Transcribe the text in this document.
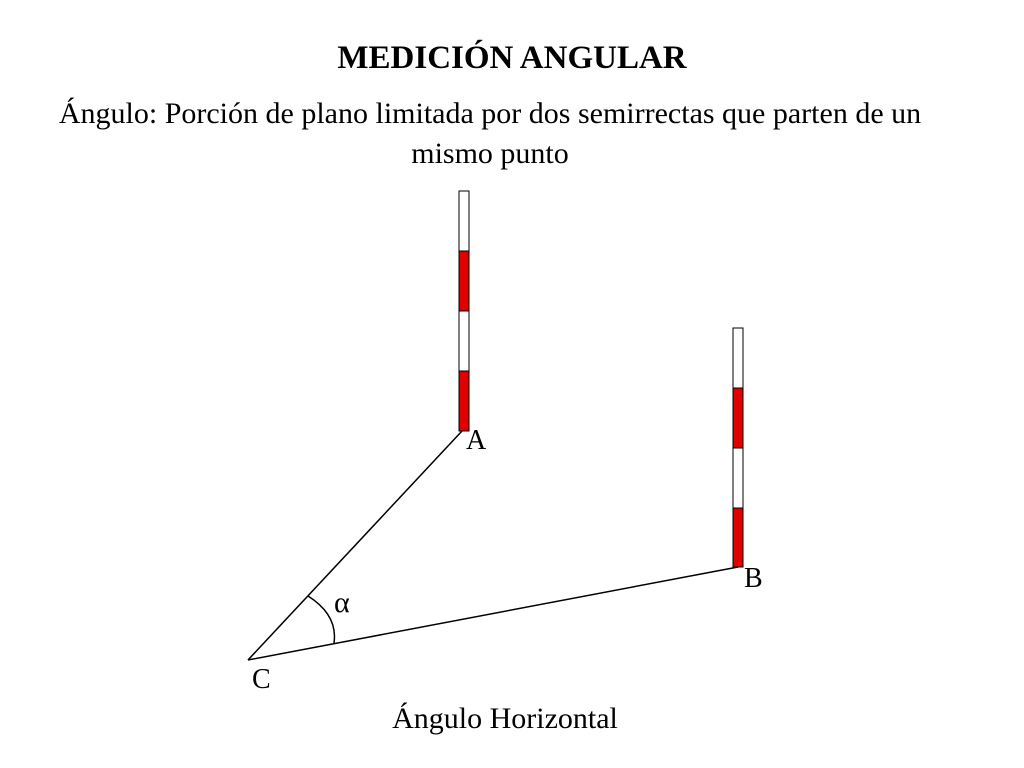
MEDICIÓN ANGULAR
Ángulo: Porción de plano limitada por dos semirrectas que parten de un mismo punto
A
B
C
α
Ángulo Horizontal
